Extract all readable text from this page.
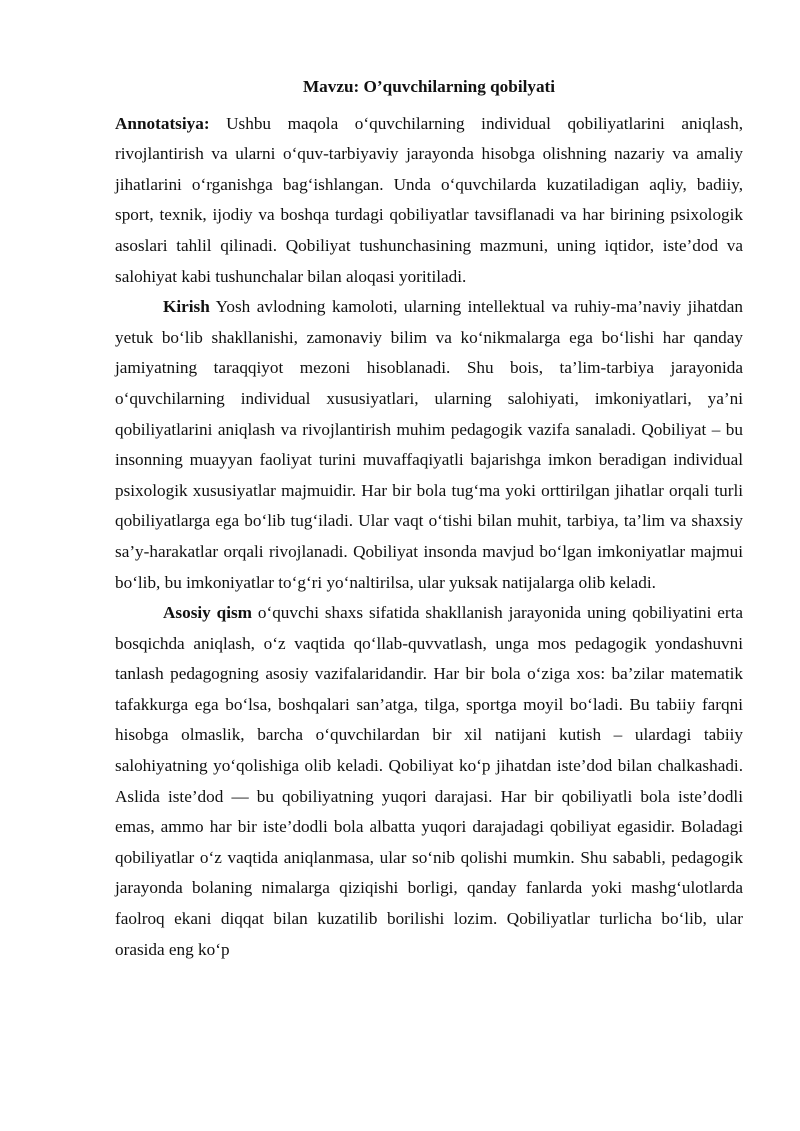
Mavzu: O’quvchilarning qobilyati

Annotatsiya: Ushbu maqola o‘quvchilarning individual qobiliyatlarini aniqlash, rivojlantirish va ularni o‘quv-tarbiyaviy jarayonda hisobga olishning nazariy va amaliy jihatlarini o‘rganishga bag‘ishlangan. Unda o‘quvchilarda kuzatiladigan aqliy, badiiy, sport, texnik, ijodiy va boshqa turdagi qobiliyatlar tavsiflanadi va har birining psixologik asoslari tahlil qilinadi. Qobiliyat tushunchasining mazmuni, uning iqtidor, iste’dod va salohiyat kabi tushunchalar bilan aloqasi yoritiladi.

Kirish Yosh avlodning kamoloti, ularning intellektual va ruhiy-ma’naviy jihatdan yetuk bo‘lib shakllanishi, zamonaviy bilim va ko‘nikmalarga ega bo‘lishi har qanday jamiyatning taraqqiyot mezoni hisoblanadi. Shu bois, ta’lim-tarbiya jarayonida o‘quvchilarning individual xususiyatlari, ularning salohiyati, imkoniyatlari, ya’ni qobiliyatlarini aniqlash va rivojlantirish muhim pedagogik vazifa sanaladi. Qobiliyat – bu insonning muayyan faoliyat turini muvaffaqiyatli bajarishga imkon beradigan individual psixologik xususiyatlar majmuidir. Har bir bola tug‘ma yoki orttirilgan jihatlar orqali turli qobiliyatlarga ega bo‘lib tug‘iladi. Ular vaqt o‘tishi bilan muhit, tarbiya, ta’lim va shaxsiy sa’y-harakatlar orqali rivojlanadi. Qobiliyat insonda mavjud bo‘lgan imkoniyatlar majmui bo‘lib, bu imkoniyatlar to‘g‘ri yo‘naltirilsa, ular yuksak natijalarga olib keladi.

Asosiy qism o‘quvchi shaxs sifatida shakllanish jarayonida uning qobiliyatini erta bosqichda aniqlash, o‘z vaqtida qo‘llab-quvvatlash, unga mos pedagogik yondashuvni tanlash pedagogning asosiy vazifalaridandir. Har bir bola o‘ziga xos: ba’zilar matematik tafakkurga ega bo‘lsa, boshqalari san’atga, tilga, sportga moyil bo‘ladi. Bu tabiiy farqni hisobga olmaslik, barcha o‘quvchilardan bir xil natijani kutish – ulardagi tabiiy salohiyatning yo‘qolishiga olib keladi. Qobiliyat ko‘p jihatdan iste’dod bilan chalkashadi. Aslida iste’dod — bu qobiliyatning yuqori darajasi. Har bir qobiliyatli bola iste’dodli emas, ammo har bir iste’dodli bola albatta yuqori darajadagi qobiliyat egasidir. Boladagi qobiliyatlar o‘z vaqtida aniqlanmasa, ular so‘nib qolishi mumkin. Shu sababli, pedagogik jarayonda bolaning nimalarga qiziqishi borligi, qanday fanlarda yoki mashg‘ulotlarda faolroq ekani diqqat bilan kuzatilib borilishi lozim. Qobiliyatlar turlicha bo‘lib, ular orasida eng ko‘p
